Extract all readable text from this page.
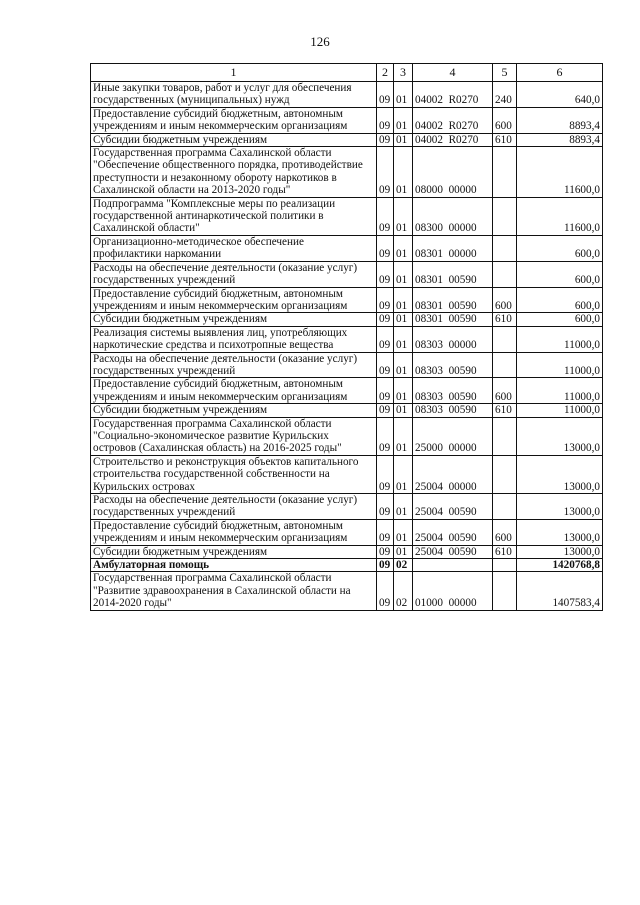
126
1	2	3	4	5	6
Иные закупки товаров, работ и услуг для обеспечения государственных (муниципальных) нужд	09	01	04002  R0270	240	640,0
Предоставление субсидий бюджетным, автономным учреждениям и иным некоммерческим организациям	09	01	04002  R0270	600	8893,4
Субсидии бюджетным учреждениям	09	01	04002  R0270	610	8893,4
Государственная программа Сахалинской области "Обеспечение общественного порядка, противодействие преступности и незаконному обороту наркотиков в Сахалинской области на 2013-2020 годы"	09	01	08000  00000		11600,0
Подпрограмма "Комплексные меры по реализации государственной антинаркотической политики в Сахалинской области"	09	01	08300  00000		11600,0
Организационно-методическое обеспечение профилактики наркомании	09	01	08301  00000		600,0
Расходы на обеспечение деятельности (оказание услуг) государственных учреждений	09	01	08301  00590		600,0
Предоставление субсидий бюджетным, автономным учреждениям и иным некоммерческим организациям	09	01	08301  00590	600	600,0
Субсидии бюджетным учреждениям	09	01	08301  00590	610	600,0
Реализация системы выявления лиц, употребляющих наркотические средства и психотропные вещества	09	01	08303  00000		11000,0
Расходы на обеспечение деятельности (оказание услуг) государственных учреждений	09	01	08303  00590		11000,0
Предоставление субсидий бюджетным, автономным учреждениям и иным некоммерческим организациям	09	01	08303  00590	600	11000,0
Субсидии бюджетным учреждениям	09	01	08303  00590	610	11000,0
Государственная программа Сахалинской области "Социально-экономическое развитие Курильских островов (Сахалинская область) на 2016-2025 годы"	09	01	25000  00000		13000,0
Строительство и реконструкция объектов капитального строительства государственной собственности на Курильских островах	09	01	25004  00000		13000,0
Расходы на обеспечение деятельности (оказание услуг) государственных учреждений	09	01	25004  00590		13000,0
Предоставление субсидий бюджетным, автономным учреждениям и иным некоммерческим организациям	09	01	25004  00590	600	13000,0
Субсидии бюджетным учреждениям	09	01	25004  00590	610	13000,0
Амбулаторная помощь	09	02			1420768,8
Государственная программа Сахалинской области "Развитие здравоохранения в Сахалинской области на 2014-2020 годы"	09	02	01000  00000		1407583,4
